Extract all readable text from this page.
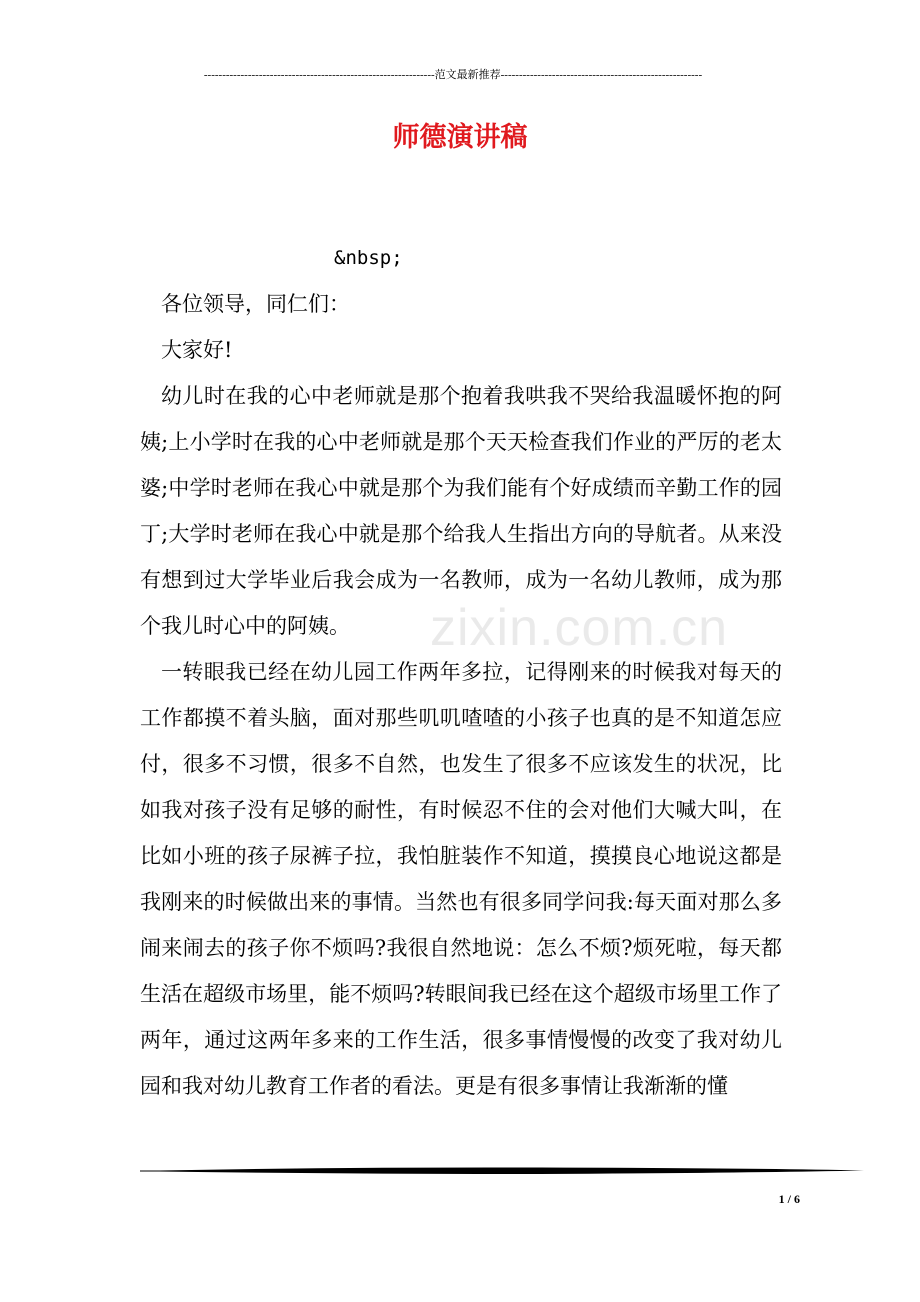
---------------------------------------------------------------范文最新推荐-------------------------------------------------------
师德演讲稿

&nbsp;

各位领导，同仁们：

大家好!

幼儿时在我的心中老师就是那个抱着我哄我不哭给我温暖怀抱的阿姨;上小学时在我的心中老师就是那个天天检查我们作业的严厉的老太婆;中学时老师在我心中就是那个为我们能有个好成绩而辛勤工作的园丁;大学时老师在我心中就是那个给我人生指出方向的导航者。从来没有想到过大学毕业后我会成为一名教师，成为一名幼儿教师，成为那个我儿时心中的阿姨。

一转眼我已经在幼儿园工作两年多拉，记得刚来的时候我对每天的工作都摸不着头脑，面对那些叽叽喳喳的小孩子也真的是不知道怎应付，很多不习惯，很多不自然，也发生了很多不应该发生的状况，比如我对孩子没有足够的耐性，有时候忍不住的会对他们大喊大叫，在比如小班的孩子尿裤子拉，我怕脏装作不知道，摸摸良心地说这都是我刚来的时候做出来的事情。当然也有很多同学问我:每天面对那么多闹来闹去的孩子你不烦吗?我很自然地说：怎么不烦?烦死啦，每天都生活在超级市场里，能不烦吗?转眼间我已经在这个超级市场里工作了两年，通过这两年多来的工作生活，很多事情慢慢的改变了我对幼儿园和我对幼儿教育工作者的看法。更是有很多事情让我渐渐的懂

zixin.com.cn
1 / 6
